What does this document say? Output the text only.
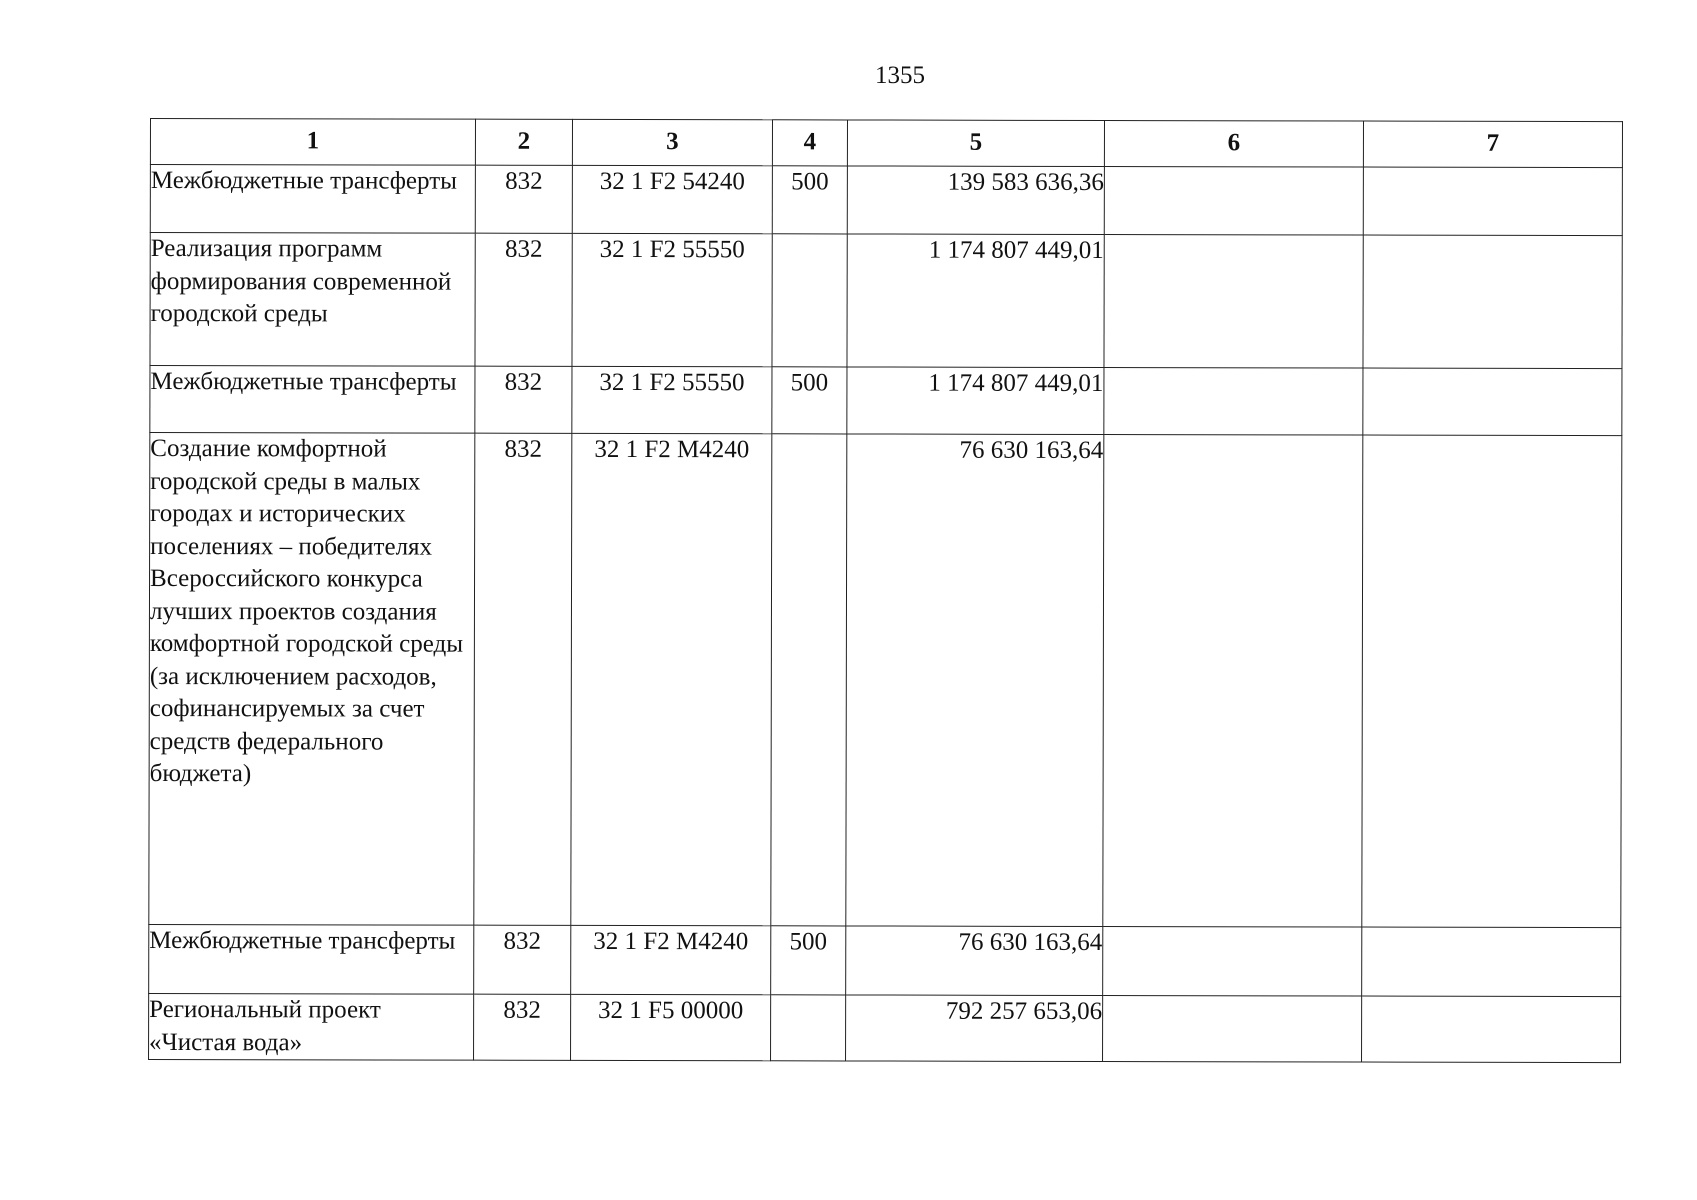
1355
1	2	3	4	5	6	7
Межбюджетные трансферты	832	32 1 F2 54240	500	139 583 636,36		
Реализация программ формирования современной городской среды	832	32 1 F2 55550		1 174 807 449,01		
Межбюджетные трансферты	832	32 1 F2 55550	500	1 174 807 449,01		
Создание комфортной городской среды в малых городах и исторических поселениях – победителях Всероссийского конкурса лучших проектов создания комфортной городской среды (за исключением расходов, софинансируемых за счет средств федерального бюджета)	832	32 1 F2 M4240		76 630 163,64		
Межбюджетные трансферты	832	32 1 F2 M4240	500	76 630 163,64		
Региональный проект «Чистая вода»	832	32 1 F5 00000		792 257 653,06		
